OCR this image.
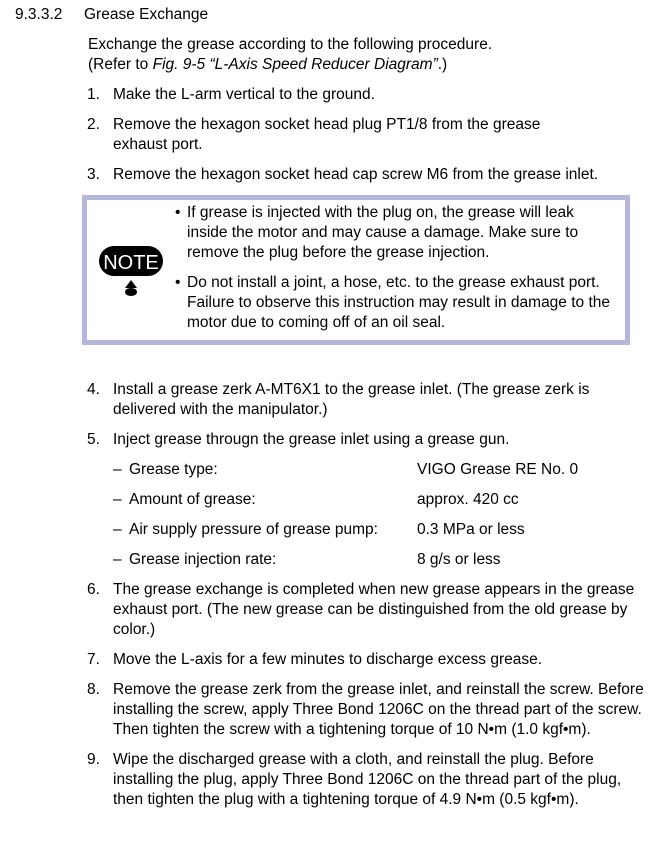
9.3.3.2 Grease Exchange
Exchange the grease according to the following procedure.
(Refer to Fig. 9-5 “L-Axis Speed Reducer Diagram”.)
1. Make the L-arm vertical to the ground.
2. Remove the hexagon socket head plug PT1/8 from the grease exhaust port.
3. Remove the hexagon socket head cap screw M6 from the grease inlet.
NOTE
• If grease is injected with the plug on, the grease will leak inside the motor and may cause a damage. Make sure to remove the plug before the grease injection.
• Do not install a joint, a hose, etc. to the grease exhaust port. Failure to observe this instruction may result in damage to the motor due to coming off of an oil seal.
4. Install a grease zerk A-MT6X1 to the grease inlet. (The grease zerk is delivered with the manipulator.)
5. Inject grease througn the grease inlet using a grease gun.
– Grease type:	VIGO Grease RE No. 0
– Amount of grease:	approx. 420 cc
– Air supply pressure of grease pump:	0.3 MPa or less
– Grease injection rate:	8 g/s or less
6. The grease exchange is completed when new grease appears in the grease exhaust port. (The new grease can be distinguished from the old grease by color.)
7. Move the L-axis for a few minutes to discharge excess grease.
8. Remove the grease zerk from the grease inlet, and reinstall the screw. Before installing the screw, apply Three Bond 1206C on the thread part of the screw. Then tighten the screw with a tightening torque of 10 N•m (1.0 kgf•m).
9. Wipe the discharged grease with a cloth, and reinstall the plug. Before installing the plug, apply Three Bond 1206C on the thread part of the plug, then tighten the plug with a tightening torque of 4.9 N•m (0.5 kgf•m).
